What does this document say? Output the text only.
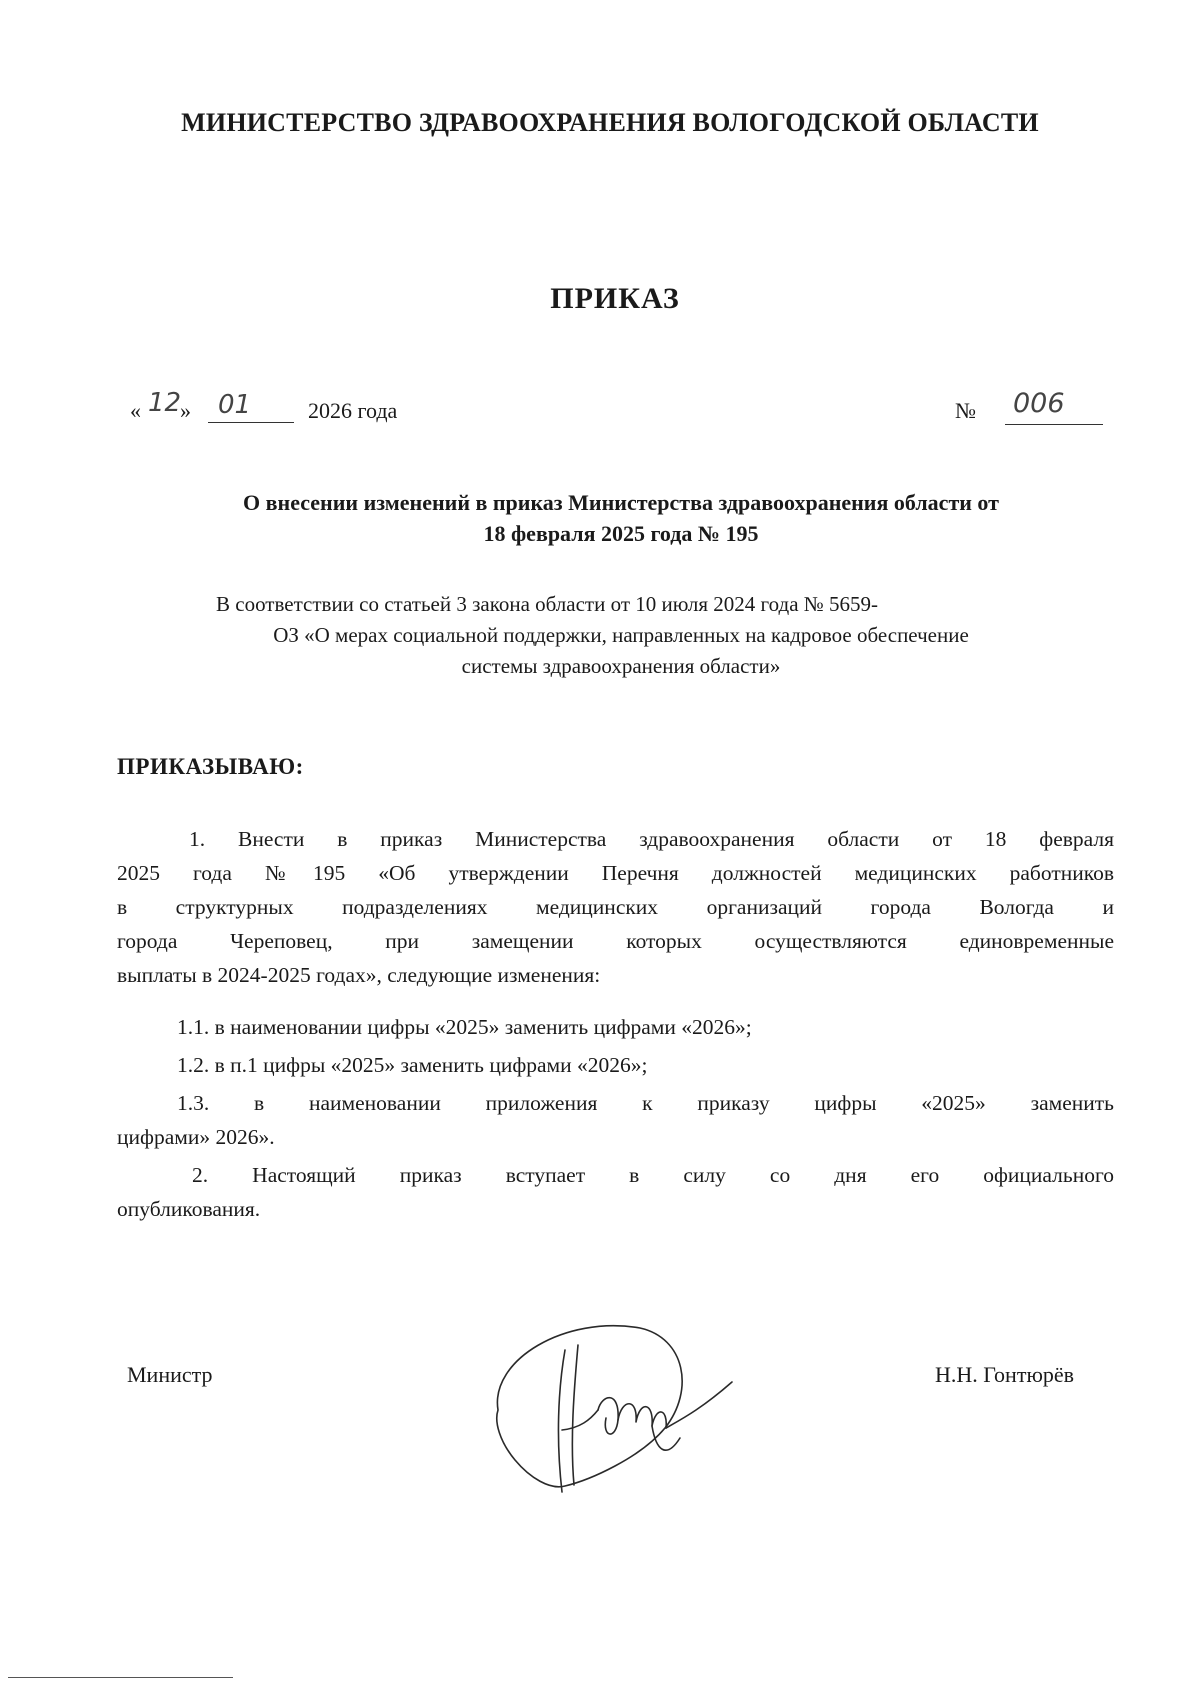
МИНИСТЕРСТВО ЗДРАВООХРАНЕНИЯ ВОЛОГОДСКОЙ ОБЛАСТИ
ПРИКАЗ
« 12
» 01	2026 года	№ 006
О внесении изменений в приказ Министерства здравоохранения области от
18 февраля 2025 года № 195
В соответствии со статьей 3 закона области от 10 июля 2024 года № 5659-
ОЗ «О мерах социальной поддержки, направленных на кадровое обеспечение
системы здравоохранения области»
ПРИКАЗЫВАЮ:
1. Внести в приказ Министерства здравоохранения области от 18 февраля
2025 года №195 «Об утверждении Перечня должностей медицинских работников
в структурных подразделениях медицинских организаций города Вологда и
города Череповец, при замещении которых осуществляются единовременные
выплаты в 2024-2025 годах», следующие изменения:
1.1. в наименовании цифры «2025» заменить цифрами «2026»;
1.2. в п.1 цифры «2025» заменить цифрами «2026»;
1.3. в наименовании приложения к приказу цифры «2025» заменить
цифрами» 2026».
2. Настоящий приказ вступает в силу со дня его официального
опубликования.
Министр	Н.Н. Гонтюрёв
